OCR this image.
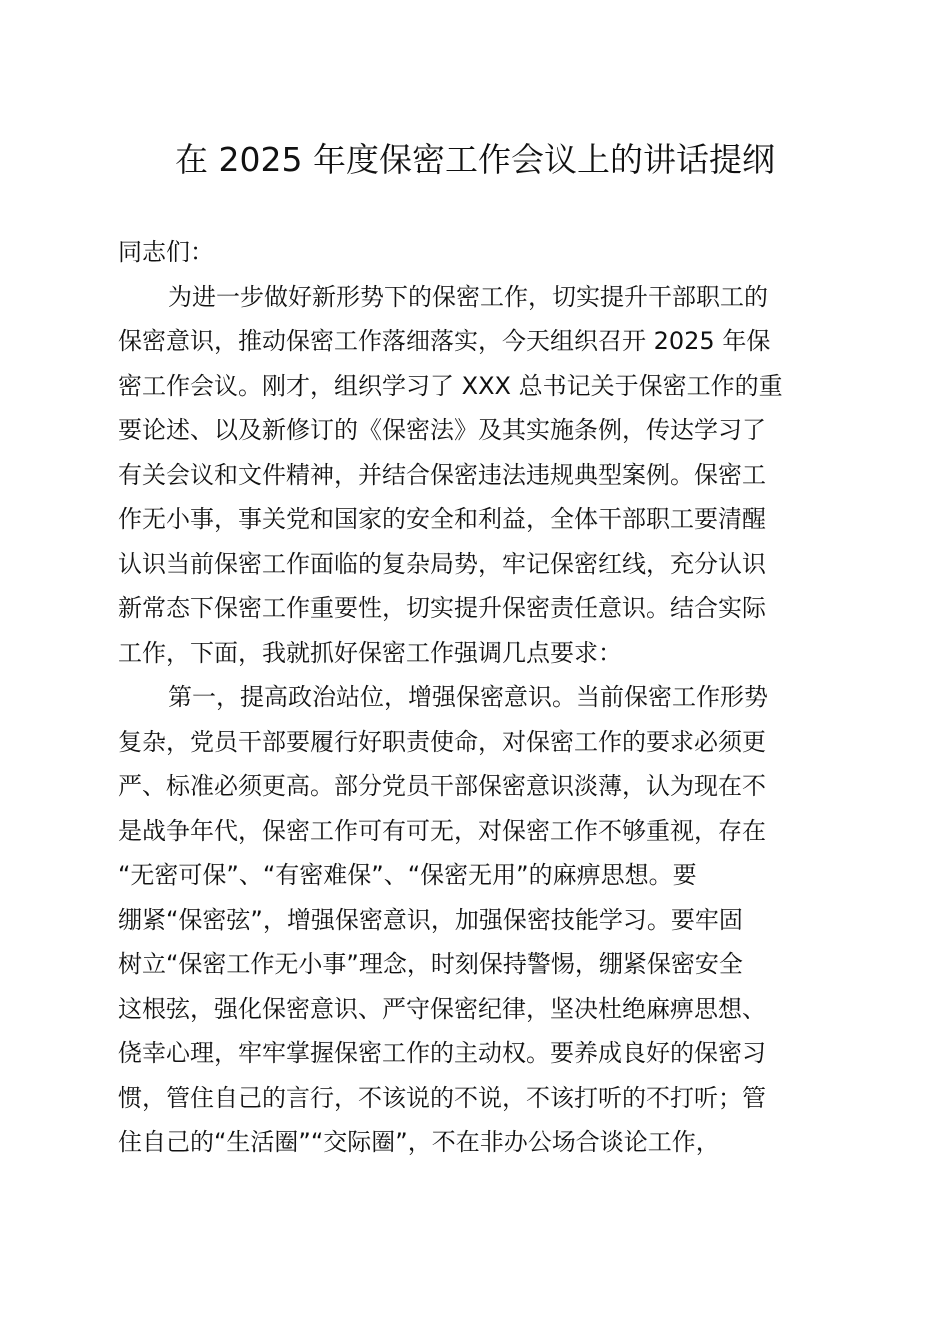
在 2025 年度保密工作会议上的讲话提纲

同志们：

为进一步做好新形势下的保密工作，切实提升干部职工的

保密意识，推动保密工作落细落实，今天组织召开 2025 年保

密工作会议。刚才，组织学习了 XXX 总书记关于保密工作的重

要论述、以及新修订的《保密法》及其实施条例，传达学习了

有关会议和文件精神，并结合保密违法违规典型案例。保密工

作无小事，事关党和国家的安全和利益，全体干部职工要清醒

认识当前保密工作面临的复杂局势，牢记保密红线，充分认识

新常态下保密工作重要性，切实提升保密责任意识。结合实际

工作，下面，我就抓好保密工作强调几点要求：

第一，提高政治站位，增强保密意识。当前保密工作形势

复杂，党员干部要履行好职责使命，对保密工作的要求必须更

严、标准必须更高。部分党员干部保密意识淡薄，认为现在不

是战争年代，保密工作可有可无，对保密工作不够重视，存在

“无密可保”、“有密难保”、“保密无用”的麻痹思想。要

绷紧“保密弦”，增强保密意识，加强保密技能学习。要牢固

树立“保密工作无小事”理念，时刻保持警惕，绷紧保密安全

这根弦，强化保密意识、严守保密纪律，坚决杜绝麻痹思想、

侥幸心理，牢牢掌握保密工作的主动权。要养成良好的保密习

惯，管住自己的言行，不该说的不说，不该打听的不打听；管

住自己的“生活圈”“交际圈”，不在非办公场合谈论工作，
